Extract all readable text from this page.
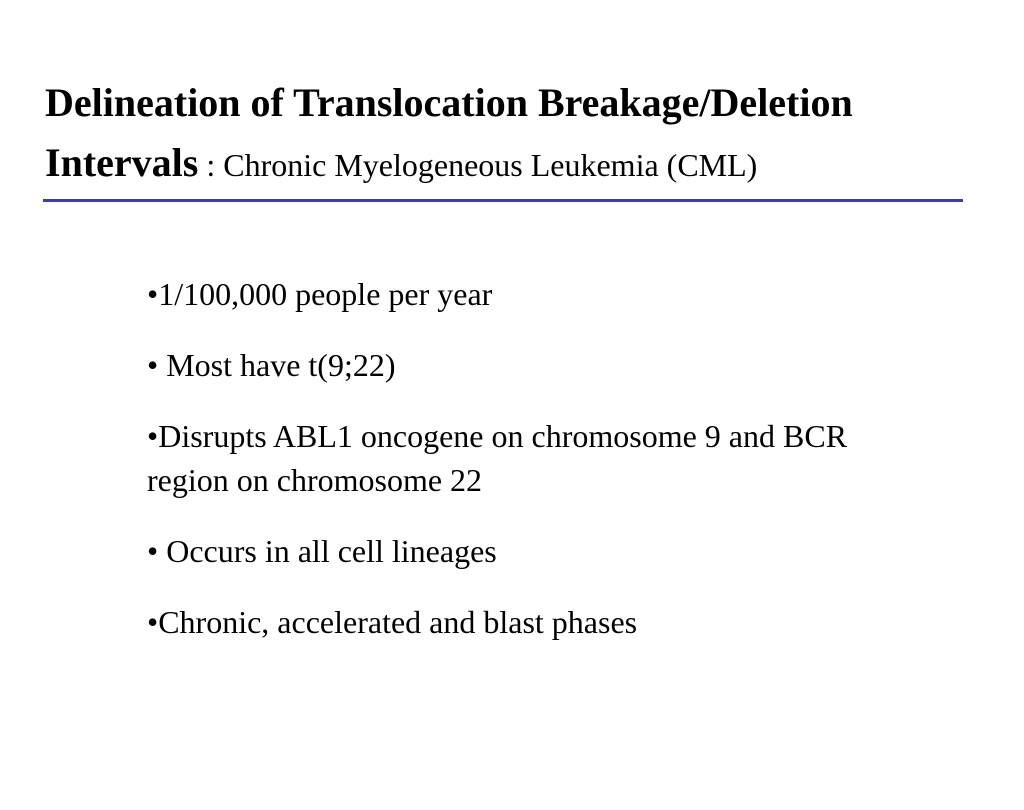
Delineation of Translocation Breakage/Deletion Intervals : Chronic Myelogeneous Leukemia (CML)
•1/100,000 people per year
• Most have t(9;22)
•Disrupts ABL1 oncogene on chromosome 9 and BCR region on chromosome 22
• Occurs in all cell lineages
•Chronic, accelerated and blast phases
